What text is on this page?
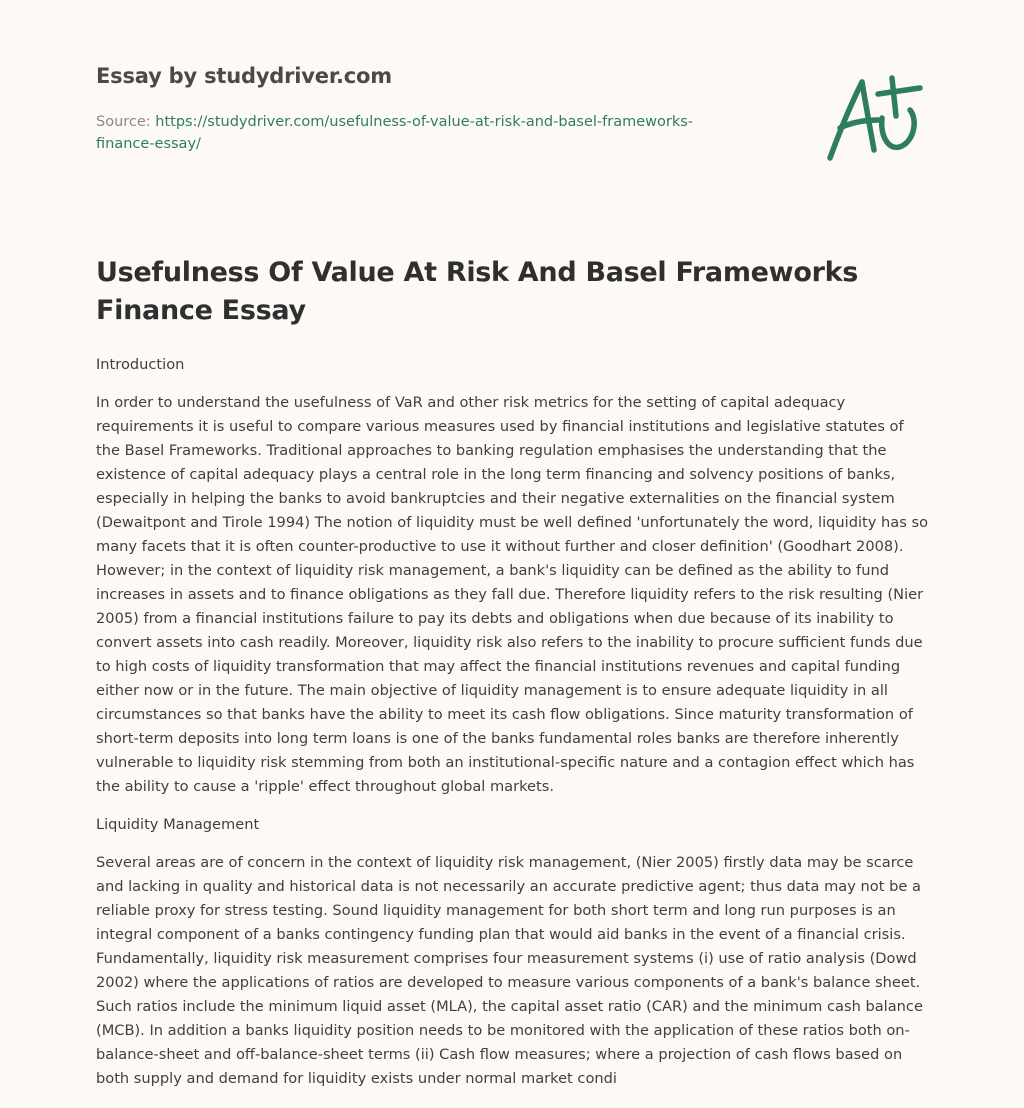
Essay by studydriver.com
Source: https://studydriver.com/usefulness-of-value-at-risk-and-basel-frameworks-finance-essay/
Usefulness Of Value At Risk And Basel Frameworks Finance Essay

Introduction

In order to understand the usefulness of VaR and other risk metrics for the setting of capital adequacy requirements it is useful to compare various measures used by financial institutions and legislative statutes of the Basel Frameworks. Traditional approaches to banking regulation emphasises the understanding that the existence of capital adequacy plays a central role in the long term financing and solvency positions of banks, especially in helping the banks to avoid bankruptcies and their negative externalities on the financial system (Dewaitpont and Tirole 1994) The notion of liquidity must be well defined 'unfortunately the word, liquidity has so many facets that it is often counter-productive to use it without further and closer definition' (Goodhart 2008). However; in the context of liquidity risk management, a bank's liquidity can be defined as the ability to fund increases in assets and to finance obligations as they fall due. Therefore liquidity refers to the risk resulting (Nier 2005) from a financial institutions failure to pay its debts and obligations when due because of its inability to convert assets into cash readily. Moreover, liquidity risk also refers to the inability to procure sufficient funds due to high costs of liquidity transformation that may affect the financial institutions revenues and capital funding either now or in the future. The main objective of liquidity management is to ensure adequate liquidity in all circumstances so that banks have the ability to meet its cash flow obligations. Since maturity transformation of short-term deposits into long term loans is one of the banks fundamental roles banks are therefore inherently vulnerable to liquidity risk stemming from both an institutional-specific nature and a contagion effect which has the ability to cause a 'ripple' effect throughout global markets.

Liquidity Management

Several areas are of concern in the context of liquidity risk management, (Nier 2005) firstly data may be scarce and lacking in quality and historical data is not necessarily an accurate predictive agent; thus data may not be a reliable proxy for stress testing. Sound liquidity management for both short term and long run purposes is an integral component of a banks contingency funding plan that would aid banks in the event of a financial crisis. Fundamentally, liquidity risk measurement comprises four measurement systems (i) use of ratio analysis (Dowd 2002) where the applications of ratios are developed to measure various components of a bank's balance sheet. Such ratios include the minimum liquid asset (MLA), the capital asset ratio (CAR) and the minimum cash balance (MCB). In addition a banks liquidity position needs to be monitored with the application of these ratios both on-balance-sheet and off-balance-sheet terms (ii) Cash flow measures; where a projection of cash flows based on both supply and demand for liquidity exists under normal market condi
